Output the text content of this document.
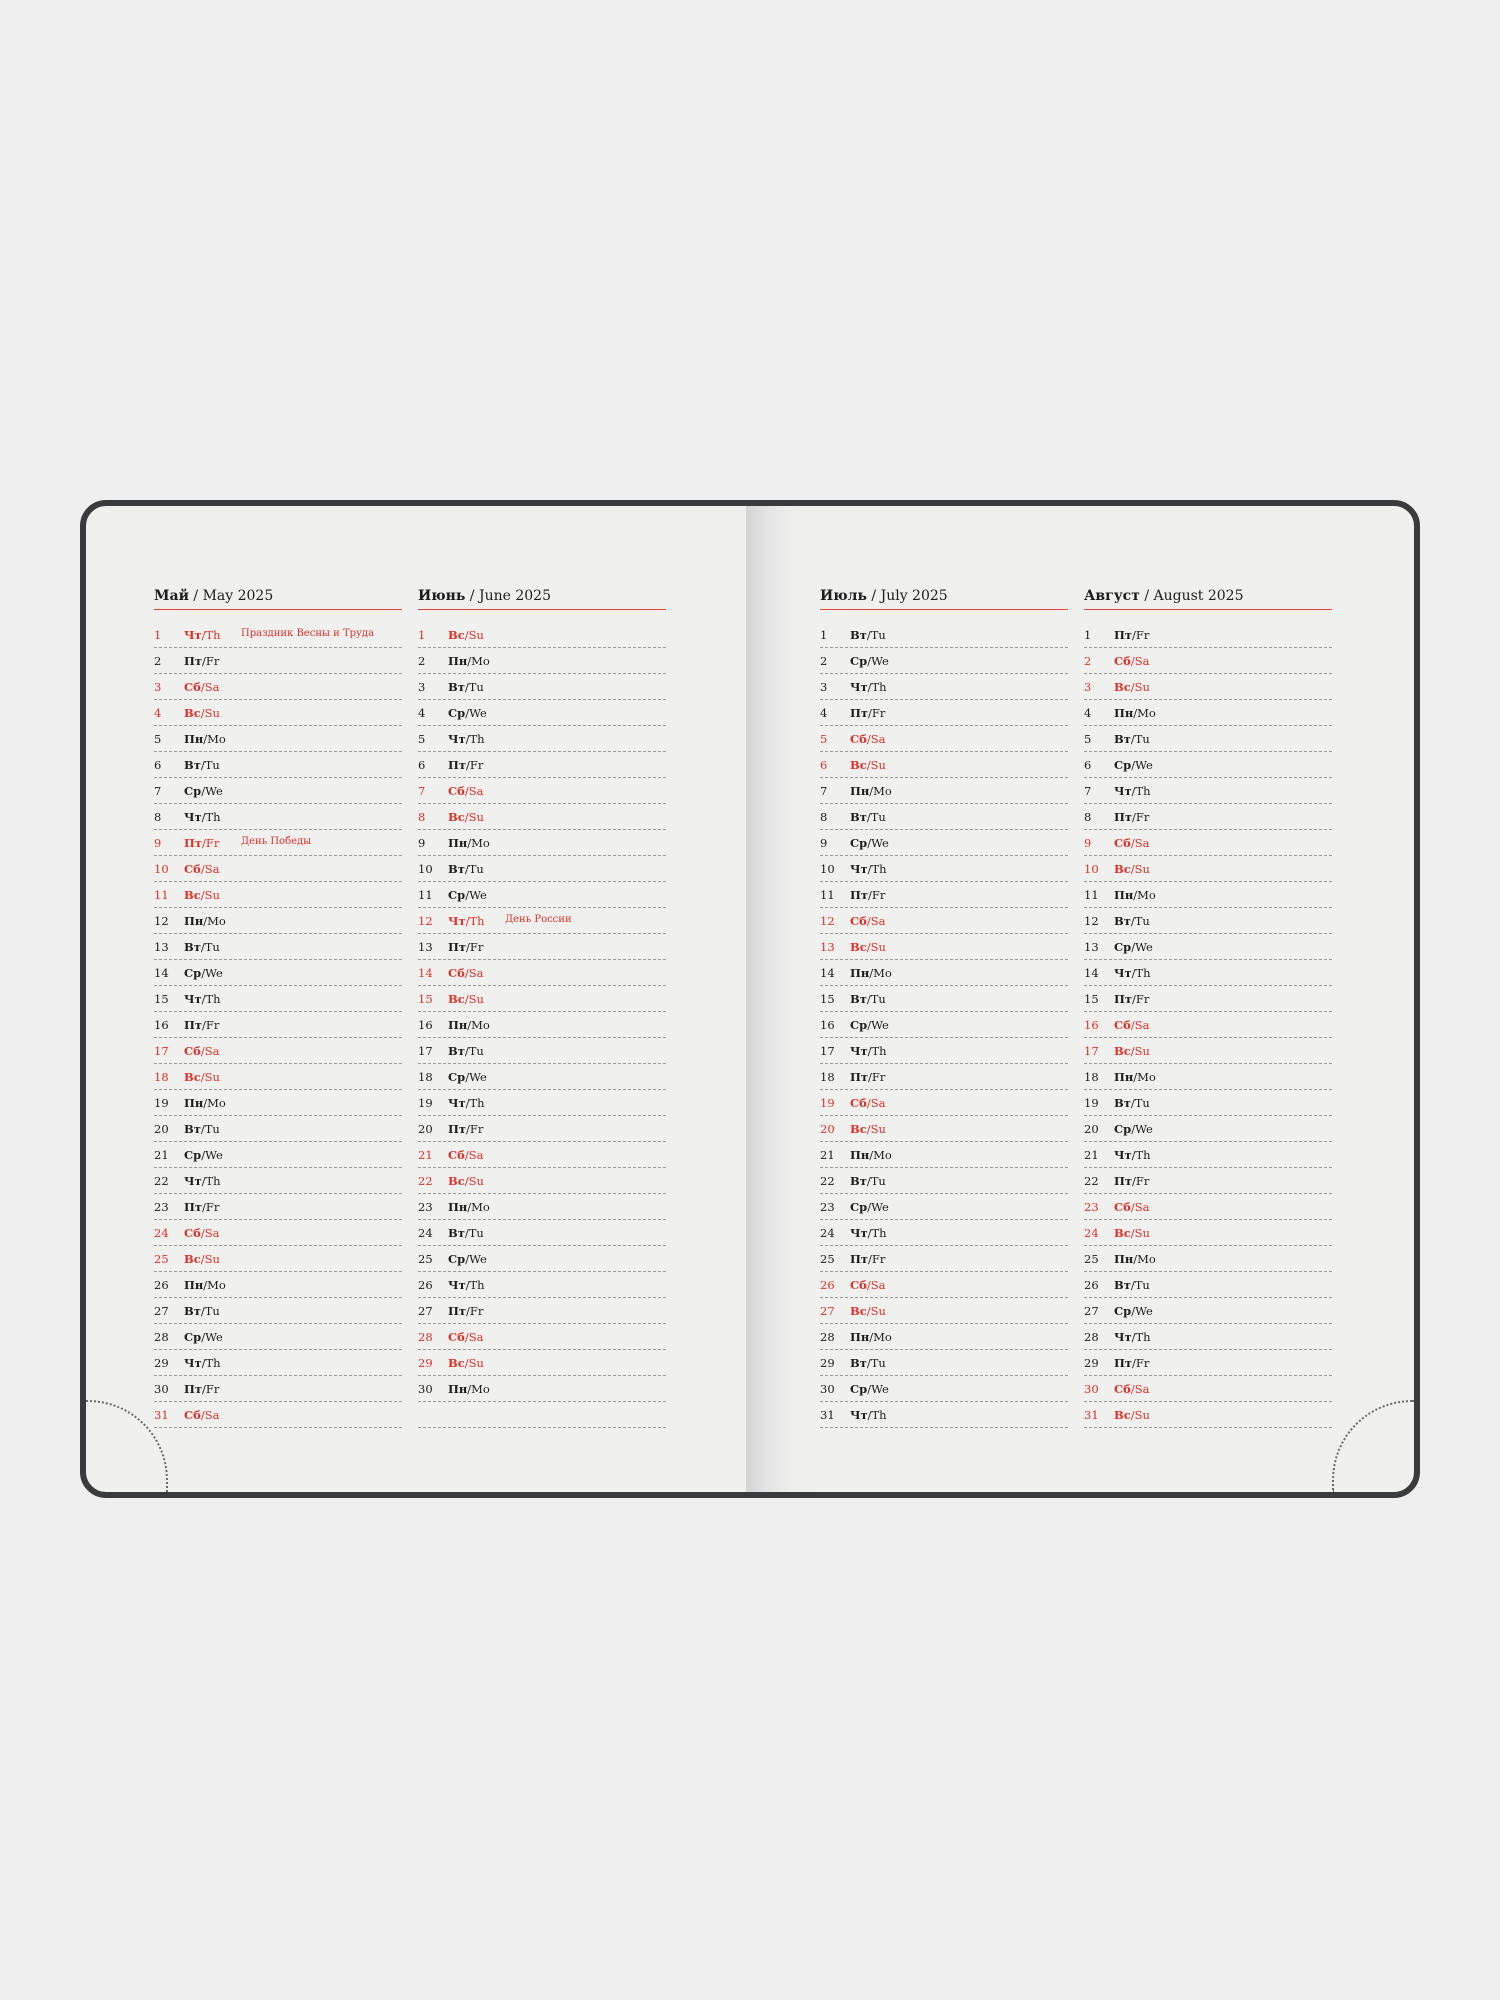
Май / May 2025
1 Чт/Th Праздник Весны и Труда
2 Пт/Fr
3 Сб/Sa
4 Вс/Su
5 Пн/Mo
6 Вт/Tu
7 Ср/We
8 Чт/Th
9 Пт/Fr День Победы
10 Сб/Sa
11 Вс/Su
12 Пн/Mo
13 Вт/Tu
14 Ср/We
15 Чт/Th
16 Пт/Fr
17 Сб/Sa
18 Вс/Su
19 Пн/Mo
20 Вт/Tu
21 Ср/We
22 Чт/Th
23 Пт/Fr
24 Сб/Sa
25 Вс/Su
26 Пн/Mo
27 Вт/Tu
28 Ср/We
29 Чт/Th
30 Пт/Fr
31 Сб/Sa
Июнь / June 2025
1 Вс/Su
2 Пн/Mo
3 Вт/Tu
4 Ср/We
5 Чт/Th
6 Пт/Fr
7 Сб/Sa
8 Вс/Su
9 Пн/Mo
10 Вт/Tu
11 Ср/We
12 Чт/Th День России
13 Пт/Fr
14 Сб/Sa
15 Вс/Su
16 Пн/Mo
17 Вт/Tu
18 Ср/We
19 Чт/Th
20 Пт/Fr
21 Сб/Sa
22 Вс/Su
23 Пн/Mo
24 Вт/Tu
25 Ср/We
26 Чт/Th
27 Пт/Fr
28 Сб/Sa
29 Вс/Su
30 Пн/Mo
Июль / July 2025
1 Вт/Tu
2 Ср/We
3 Чт/Th
4 Пт/Fr
5 Сб/Sa
6 Вс/Su
7 Пн/Mo
8 Вт/Tu
9 Ср/We
10 Чт/Th
11 Пт/Fr
12 Сб/Sa
13 Вс/Su
14 Пн/Mo
15 Вт/Tu
16 Ср/We
17 Чт/Th
18 Пт/Fr
19 Сб/Sa
20 Вс/Su
21 Пн/Mo
22 Вт/Tu
23 Ср/We
24 Чт/Th
25 Пт/Fr
26 Сб/Sa
27 Вс/Su
28 Пн/Mo
29 Вт/Tu
30 Ср/We
31 Чт/Th
Август / August 2025
1 Пт/Fr
2 Сб/Sa
3 Вс/Su
4 Пн/Mo
5 Вт/Tu
6 Ср/We
7 Чт/Th
8 Пт/Fr
9 Сб/Sa
10 Вс/Su
11 Пн/Mo
12 Вт/Tu
13 Ср/We
14 Чт/Th
15 Пт/Fr
16 Сб/Sa
17 Вс/Su
18 Пн/Mo
19 Вт/Tu
20 Ср/We
21 Чт/Th
22 Пт/Fr
23 Сб/Sa
24 Вс/Su
25 Пн/Mo
26 Вт/Tu
27 Ср/We
28 Чт/Th
29 Пт/Fr
30 Сб/Sa
31 Вс/Su
